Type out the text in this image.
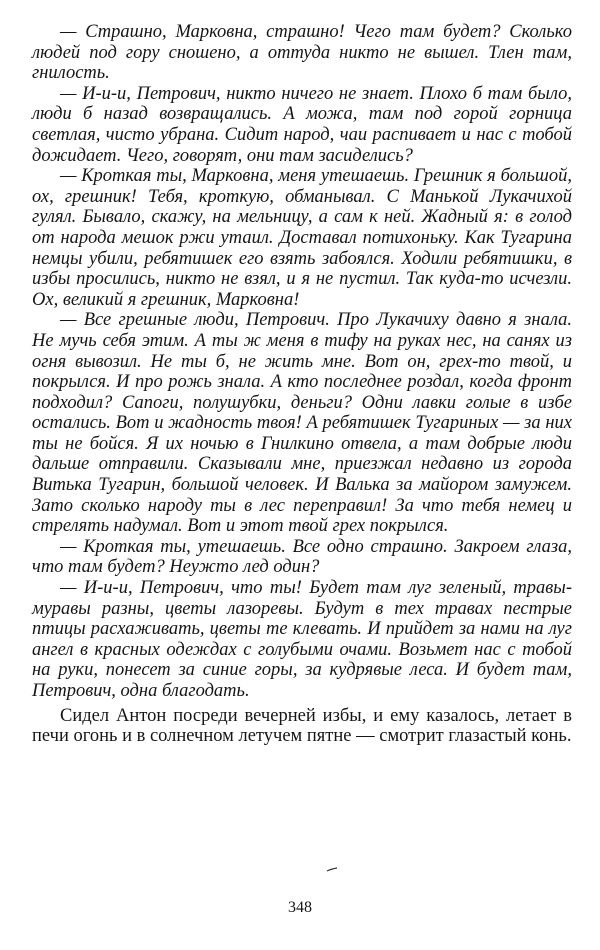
— Страшно, Марковна, страшно! Чего там будет? Сколько людей под гору сношено, а оттуда никто не вышел. Тлен там, гнилость.

— И-и-и, Петрович, никто ничего не знает. Плохо б там было, люди б назад возвращались. А можа, там под горой горница светлая, чисто убрана. Сидит народ, чаи распивает и нас с тобой дожидает. Чего, говорят, они там засиделись?

— Кроткая ты, Марковна, меня утешаешь. Грешник я большой, ох, грешник! Тебя, кроткую, обманывал. С Манькой Лукачихой гулял. Бывало, скажу, на мельницу, а сам к ней. Жадный я: в голод от народа мешок ржи утаил. Доставал потихоньку. Как Тугарина немцы убили, ребятишек его взять забоялся. Ходили ребятишки, в избы просились, никто не взял, и я не пустил. Так куда-то исчезли. Ох, великий я грешник, Марковна!

— Все грешные люди, Петрович. Про Лукачиху давно я знала. Не мучь себя этим. А ты ж меня в тифу на руках нес, на санях из огня вывозил. Не ты б, не жить мне. Вот он, грех-то твой, и покрылся. И про рожь знала. А кто последнее роздал, когда фронт подходил? Сапоги, полушубки, деньги? Одни лавки голые в избе остались. Вот и жадность твоя! А ребятишек Тугариных — за них ты не бойся. Я их ночью в Гнилкино отвела, а там добрые люди дальше отправили. Сказывали мне, приезжал недавно из города Витька Тугарин, большой человек. И Валька за майором замужем. Зато сколько народу ты в лес переправил! За что тебя немец и стрелять надумал. Вот и этот твой грех покрылся.

— Кроткая ты, утешаешь. Все одно страшно. Закроем глаза, что там будет? Неужто лед один?

— И-и-и, Петрович, что ты! Будет там луг зеленый, травы-муравы разны, цветы лазоревы. Будут в тех травах пестрые птицы расхаживать, цветы те клевать. И прийдет за нами на луг ангел в красных одеждах с голубыми очами. Возьмет нас с тобой на руки, понесет за синие горы, за кудрявые леса. И будет там, Петрович, одна благодать.

Сидел Антон посреди вечерней избы, и ему казалось, летает в печи огонь и в солнечном летучем пятне — смотрит глазастый конь.

348
